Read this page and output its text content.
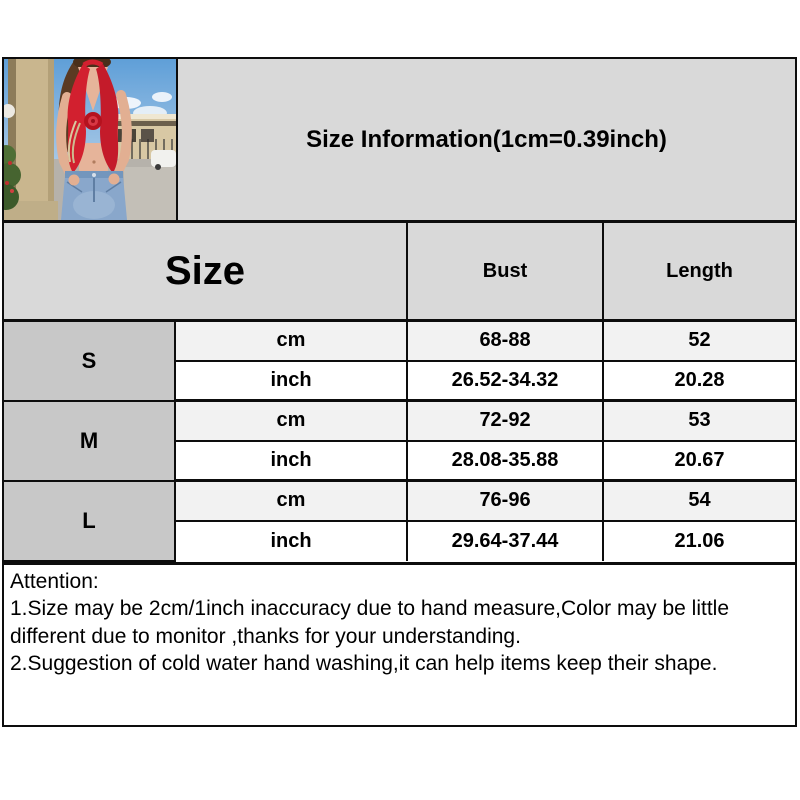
Size Information(1cm=0.39inch)
Size		Bust	Length
S	cm	68-88	52
	inch	26.52-34.32	20.28
M	cm	72-92	53
	inch	28.08-35.88	20.67
L	cm	76-96	54
	inch	29.64-37.44	21.06
Attention:
1.Size may be 2cm/1inch inaccuracy due to hand measure,Color may be little
different due to monitor ,thanks for your understanding.
2.Suggestion of cold water hand washing,it can help items keep their shape.
